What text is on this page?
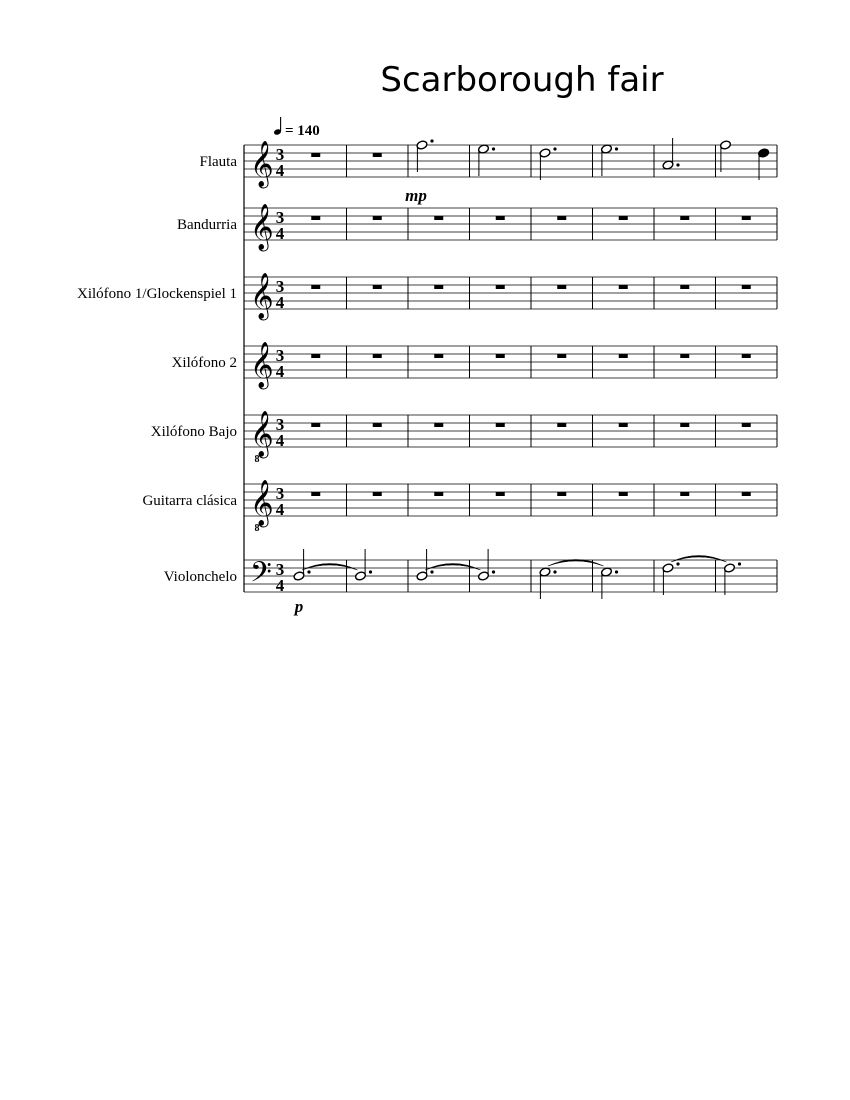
Scarborough fair
= 140
Flauta 𝄞 3
4
Bandurria 𝄞 3
4
Xilófono 1/Glockenspiel 1 𝄞 3
4
Xilófono 2 𝄞 3
4
Xilófono Bajo 𝄞
8
3
4
Guitarra clásica 𝄞
8
3
4
Violonchelo 𝄢 3
4
mp
p
